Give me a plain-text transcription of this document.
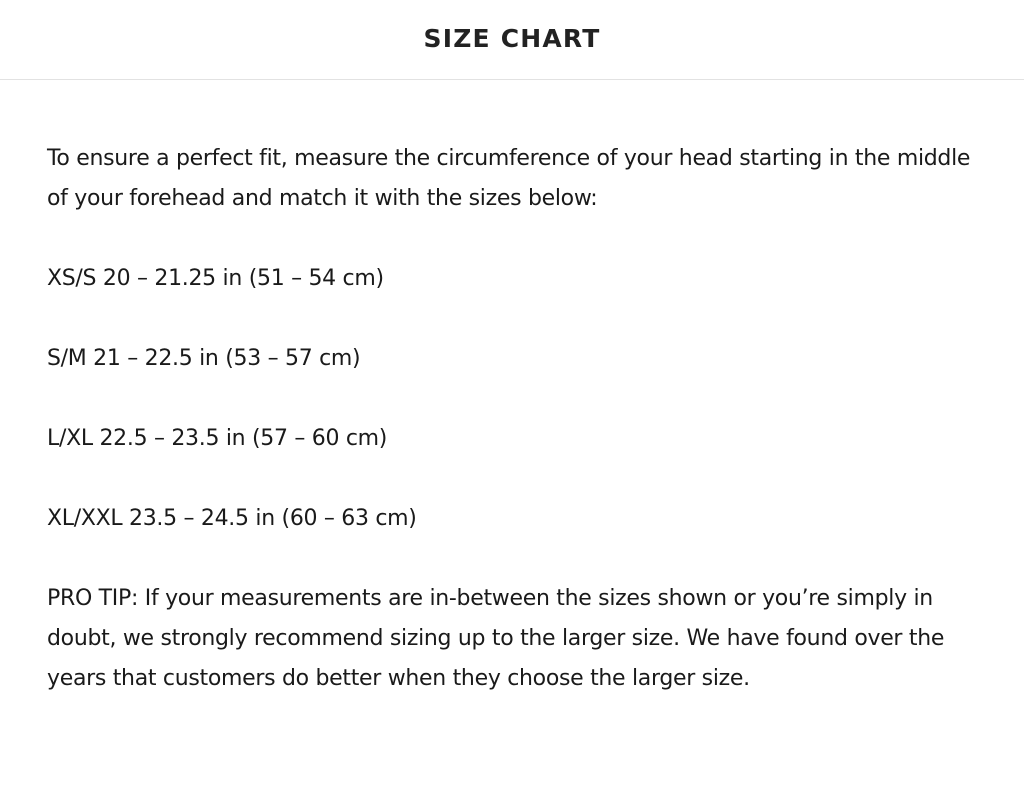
SIZE CHART

To ensure a perfect fit, measure the circumference of your head starting in the middle of your forehead and match it with the sizes below:

XS/S 20 – 21.25 in (51 – 54 cm)

S/M 21 – 22.5 in (53 – 57 cm)

L/XL 22.5 – 23.5 in (57 – 60 cm)

XL/XXL 23.5 – 24.5 in (60 – 63 cm)

PRO TIP: If your measurements are in-between the sizes shown or you’re simply in doubt, we strongly recommend sizing up to the larger size. We have found over the years that customers do better when they choose the larger size.
